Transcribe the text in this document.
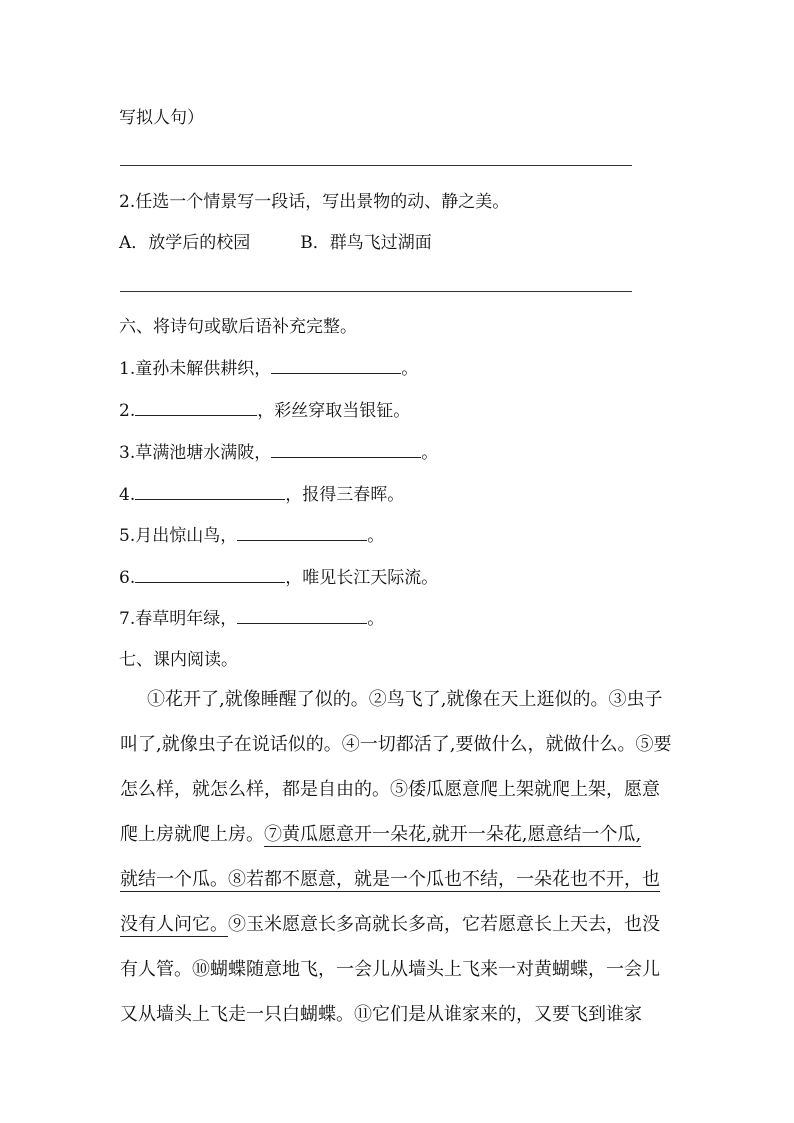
写拟人句）
2.任选一个情景写一段话，写出景物的动、静之美。
A．放学后的校园	B．群鸟飞过湖面
六、将诗句或歇后语补充完整。
1.童孙未解供耕织，	。
2.	，彩丝穿取当银钲。
3.草满池塘水满陂，	。
4.	，报得三春晖。
5.月出惊山鸟，	。
6.	，唯见长江天际流。
7.春草明年绿，	。
七、课内阅读。
①花开了,就像睡醒了似的。②鸟飞了,就像在天上逛似的。③虫子
叫了,就像虫子在说话似的。④一切都活了,要做什么，就做什么。⑤要
怎么样，就怎么样，都是自由的。⑤倭瓜愿意爬上架就爬上架，愿意
爬上房就爬上房。⑦黄瓜愿意开一朵花,就开一朵花,愿意结一个瓜,
就结一个瓜。⑧若都不愿意，就是一个瓜也不结，一朵花也不开，也
没有人问它。⑨玉米愿意长多高就长多高，它若愿意长上天去，也没
有人管。⑩蝴蝶随意地飞，一会儿从墙头上飞来一对黄蝴蝶，一会儿
又从墙头上飞走一只白蝴蝶。⑪它们是从谁家来的，又要飞到谁家
